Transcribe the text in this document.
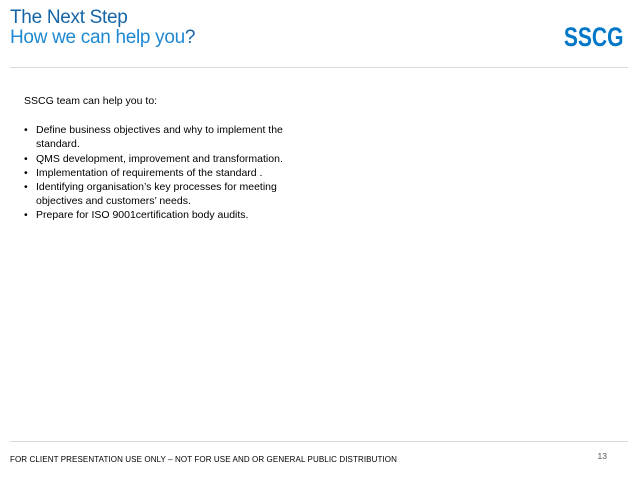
The Next Step
How we can help you?	SSCG

SSCG team can help you to:

• Define business objectives and why to implement the standard.
• QMS development, improvement and transformation.
• Implementation of requirements of the standard .
• Identifying organisation’s key processes for meeting objectives and customers’ needs.
• Prepare for ISO 9001certification body audits.
FOR CLIENT PRESENTATION USE ONLY – NOT FOR USE AND OR GENERAL PUBLIC DISTRIBUTION	13
